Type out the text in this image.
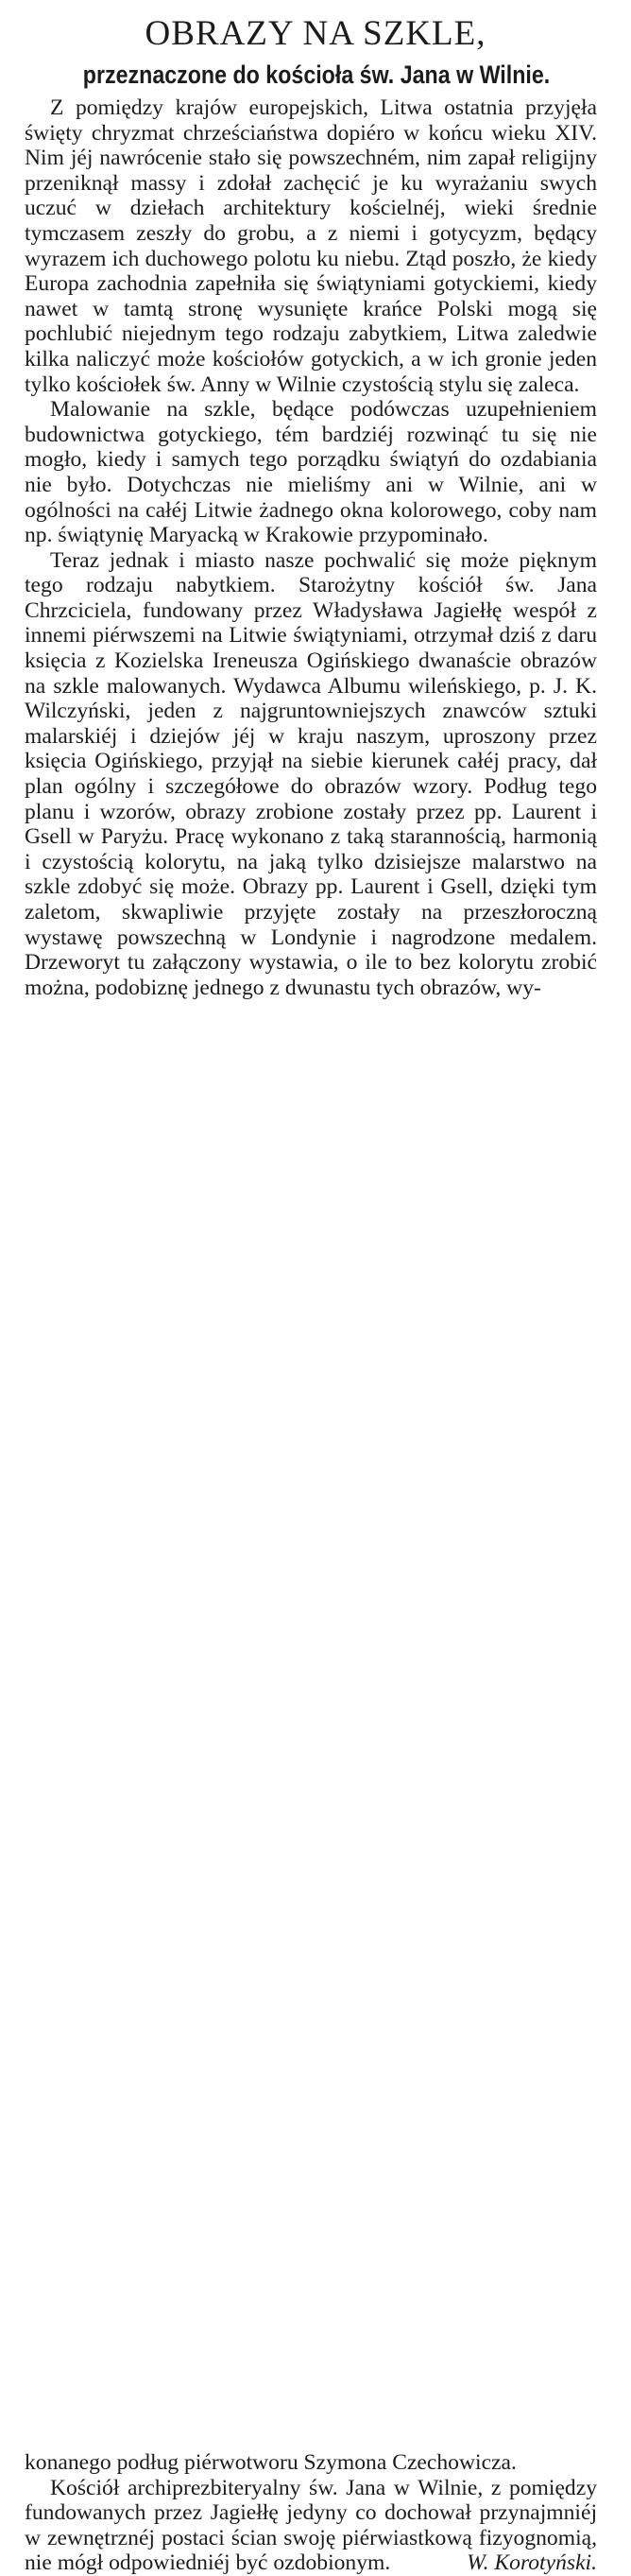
OBRAZY NA SZKLE,
przeznaczone do kościoła św. Jana w Wilnie.

Z pomiędzy krajów europejskich, Litwa ostatnia przyjęła święty chryzmat chrześciaństwa dopiéro w końcu wieku XIV. Nim jéj nawrócenie stało się powszechném, nim zapał religijny przeniknął massy i zdołał zachęcić je ku wyrażaniu swych uczuć w dziełach architektury kościelnéj, wieki średnie tymczasem zeszły do grobu, a z niemi i gotycyzm, będący wyrazem ich duchowego polotu ku niebu. Ztąd poszło, że kiedy Europa zachodnia zapełniła się świątyniami gotyckiemi, kiedy nawet w tamtą stronę wysunięte krańce Polski mogą się pochlubić niejednym tego rodzaju zabytkiem, Litwa zaledwie kilka naliczyć może kościołów gotyckich, a w ich gronie jeden tylko kościołek św. Anny w Wilnie czystością stylu się zaleca.

Malowanie na szkle, będące podówczas uzupełnieniem budownictwa gotyckiego, tém bardziéj rozwinąć tu się nie mogło, kiedy i samych tego porządku świątyń do ozdabiania nie było. Dotychczas nie mieliśmy ani w Wilnie, ani w ogólności na całéj Litwie żadnego okna kolorowego, coby nam np. świątynię Maryacką w Krakowie przypominało.

Teraz jednak i miasto nasze pochwalić się może pięknym tego rodzaju nabytkiem. Starożytny kościół św. Jana Chrzciciela, fundowany przez Władysława Jagiełłę wespół z innemi piérwszemi na Litwie świątyniami, otrzymał dziś z daru księcia z Kozielska Ireneusza Ogińskiego dwanaście obrazów na szkle malowanych. Wydawca Albumu wileńskiego, p. J. K. Wilczyński, jeden z najgruntowniejszych znawców sztuki malarskiéj i dziejów jéj w kraju naszym, uproszony przez księcia Ogińskiego, przyjął na siebie kierunek całéj pracy, dał plan ogólny i szczegółowe do obrazów wzory. Podług tego planu i wzorów, obrazy zrobione zostały przez pp. Laurent i Gsell w Paryżu. Pracę wykonano z taką starannością, harmonią i czystością kolorytu, na jaką tylko dzisiejsze malarstwo na szkle zdobyć się może. Obrazy pp. Laurent i Gsell, dzięki tym zaletom, skwapliwie przyjęte zostały na przeszłoroczną wystawę powszechną w Londynie i nagrodzone medalem. Drzeworyt tu załączony wystawia, o ile to bez kolorytu zrobić można, podobiznę jednego z dwunastu tych obrazów, wy-

konanego podług piérwotworu Szymona Czechowicza.

Kościół archiprezbiteryalny św. Jana w Wilnie, z pomiędzy fundowanych przez Jagiełłę jedyny co dochował przynajmniéj w zewnętrznéj postaci ścian swoję piérwiastkową fizyognomią, nie mógł odpowiedniéj być ozdobionym.	W. Korotyński.
